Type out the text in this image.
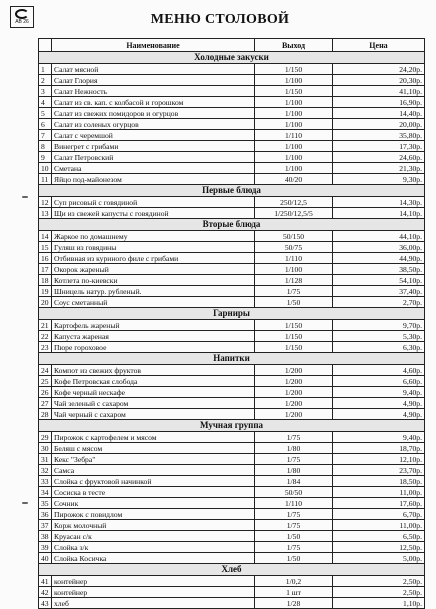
АВ 26	МЕНЮ СТОЛОВОЙ
	Наименование	Выход	Цена
Холодные закуски			
1	Салат мясной	1/150	24,20р.
2	Салат Глория	1/100	20,30р.
3	Салат Нежность	1/150	41,10р.
4	Салат из св. кап. с колбасой и горошком	1/100	16,90р.
5	Салат из свежих помидоров и огурцов	1/100	14,40р.
6	Салат из соленых огурцов	1/100	20,00р.
7	Салат с черемшой	1/110	35,80р.
8	Винегрет с грибами	1/100	17,30р.
9	Салат Петровский	1/100	24,60р.
10	Сметана	1/100	21,30р.
11	Яйцо под-майонезом	40/20	9,30р.
Первые блюда			
12	Суп рисовый с говядиной	250/12,5	14,30р.
13	Щи из свежей капусты с говядиной	1/250/12,5/5	14,10р.
Вторые блюда			
14	Жаркое по домашнему	50/150	44,10р.
15	Гуляш из говядины	50/75	36,00р.
16	Отбивная из куриного филе с грибами	1/110	44,90р.
17	Окорок жареный	1/100	38,50р.
18	Котлета по-киевски	1/128	54,10р.
19	Шницель натур. рубленый.	1/75	37,40р.
20	Соус сметанный	1/50	2,70р.
Гарниры			
21	Картофель жареный	1/150	9,70р.
22	Капуста жареная	1/150	5,30р.
23	Пюре гороховое	1/150	6,30р.
Напитки			
24	Компот из свежих фруктов	1/200	4,60р.
25	Кофе Петровская слобода	1/200	6,60р.
26	Кофе черный нескафе	1/200	9,40р.
27	Чай зеленый с сахаром	1/200	4,90р.
28	Чай черный с сахаром	1/200	4,90р.
Мучная группа			
29	Пирожок с картофелем и мясом	1/75	9,40р.
30	Беляш с мясом	1/80	18,70р.
31	Кекс "Зебра"	1/75	12,10р.
32	Самса	1/80	23,70р.
33	Слойка с фруктовой начинкой	1/84	18,50р.
34	Сосиска в тесте	50/50	11,00р.
35	Сочник	1/110	17,60р.
36	Пирожок с повидлом	1/75	6,70р.
37	Корж молочный	1/75	11,00р.
38	Круасан с/к	1/50	6,50р.
39	Слойка з/к	1/75	12,50р.
40	Слойка Косичка	1/50	5,00р.
Хлеб			
41	контейнер	1/0,2	2,50р.
42	контейнер	1 шт	2,50р.
43	хлеб	1/28	1,10р.
